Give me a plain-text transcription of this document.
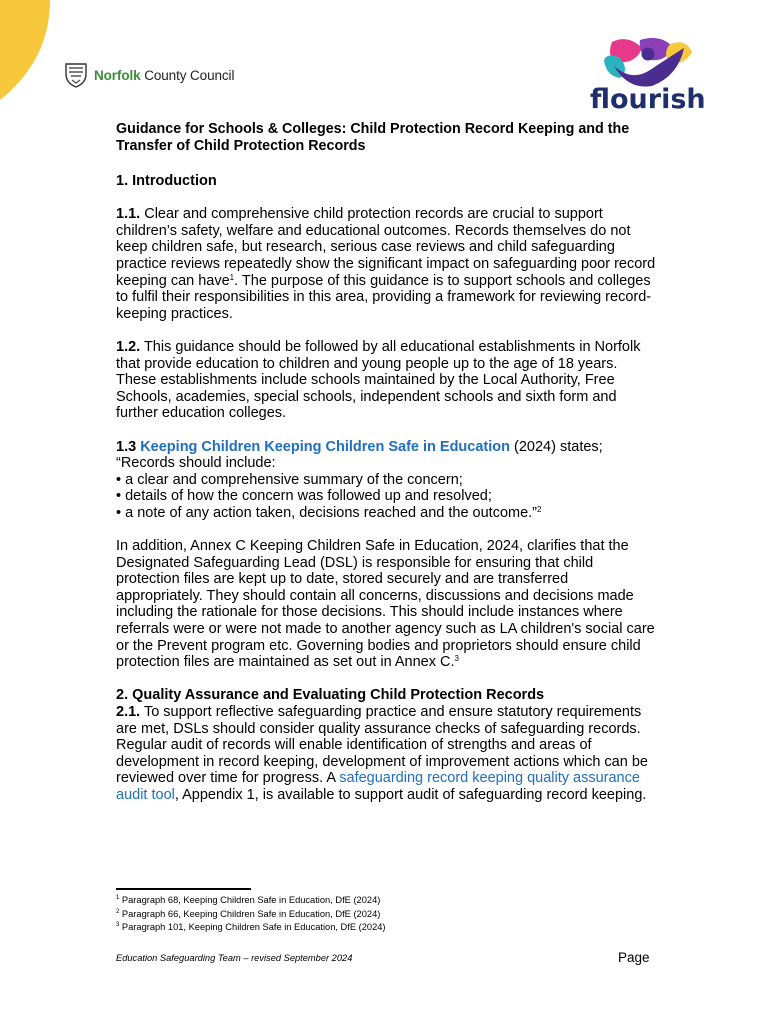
Norfolk County Council
flourish

Guidance for Schools & Colleges: Child Protection Record Keeping and the Transfer of Child Protection Records

1. Introduction

1.1. Clear and comprehensive child protection records are crucial to support children’s safety, welfare and educational outcomes. Records themselves do not keep children safe, but research, serious case reviews and child safeguarding practice reviews repeatedly show the significant impact on safeguarding poor record keeping can have$^1$. The purpose of this guidance is to support schools and colleges to fulfil their responsibilities in this area, providing a framework for reviewing record-keeping practices.

1.2. This guidance should be followed by all educational establishments in Norfolk that provide education to children and young people up to the age of 18 years. These establishments include schools maintained by the Local Authority, Free Schools, academies, special schools, independent schools and sixth form and further education colleges.

1.3 Keeping Children Keeping Children Safe in Education (2024) states;

“Records should include:

• a clear and comprehensive summary of the concern;

• details of how the concern was followed up and resolved;

• a note of any action taken, decisions reached and the outcome.”$^2$

In addition, Annex C Keeping Children Safe in Education, 2024, clarifies that the Designated Safeguarding Lead (DSL) is responsible for ensuring that child protection files are kept up to date, stored securely and are transferred appropriately. They should contain all concerns, discussions and decisions made including the rationale for those decisions. This should include instances where referrals were or were not made to another agency such as LA children's social care or the Prevent program etc. Governing bodies and proprietors should ensure child protection files are maintained as set out in Annex C.$^3$

2. Quality Assurance and Evaluating Child Protection Records

2.1. To support reflective safeguarding practice and ensure statutory requirements are met, DSLs should consider quality assurance checks of safeguarding records. Regular audit of records will enable identification of strengths and areas of development in record keeping, development of improvement actions which can be reviewed over time for progress. A safeguarding record keeping quality assurance audit tool, Appendix 1, is available to support audit of safeguarding record keeping.

$^1$ Paragraph 68, Keeping Children Safe in Education, DfE (2024)
$^2$ Paragraph 66, Keeping Children Safe in Education, DfE (2024)
$^3$ Paragraph 101, Keeping Children Safe in Education, DfE (2024)
Education Safeguarding Team – revised September 2024	Page
